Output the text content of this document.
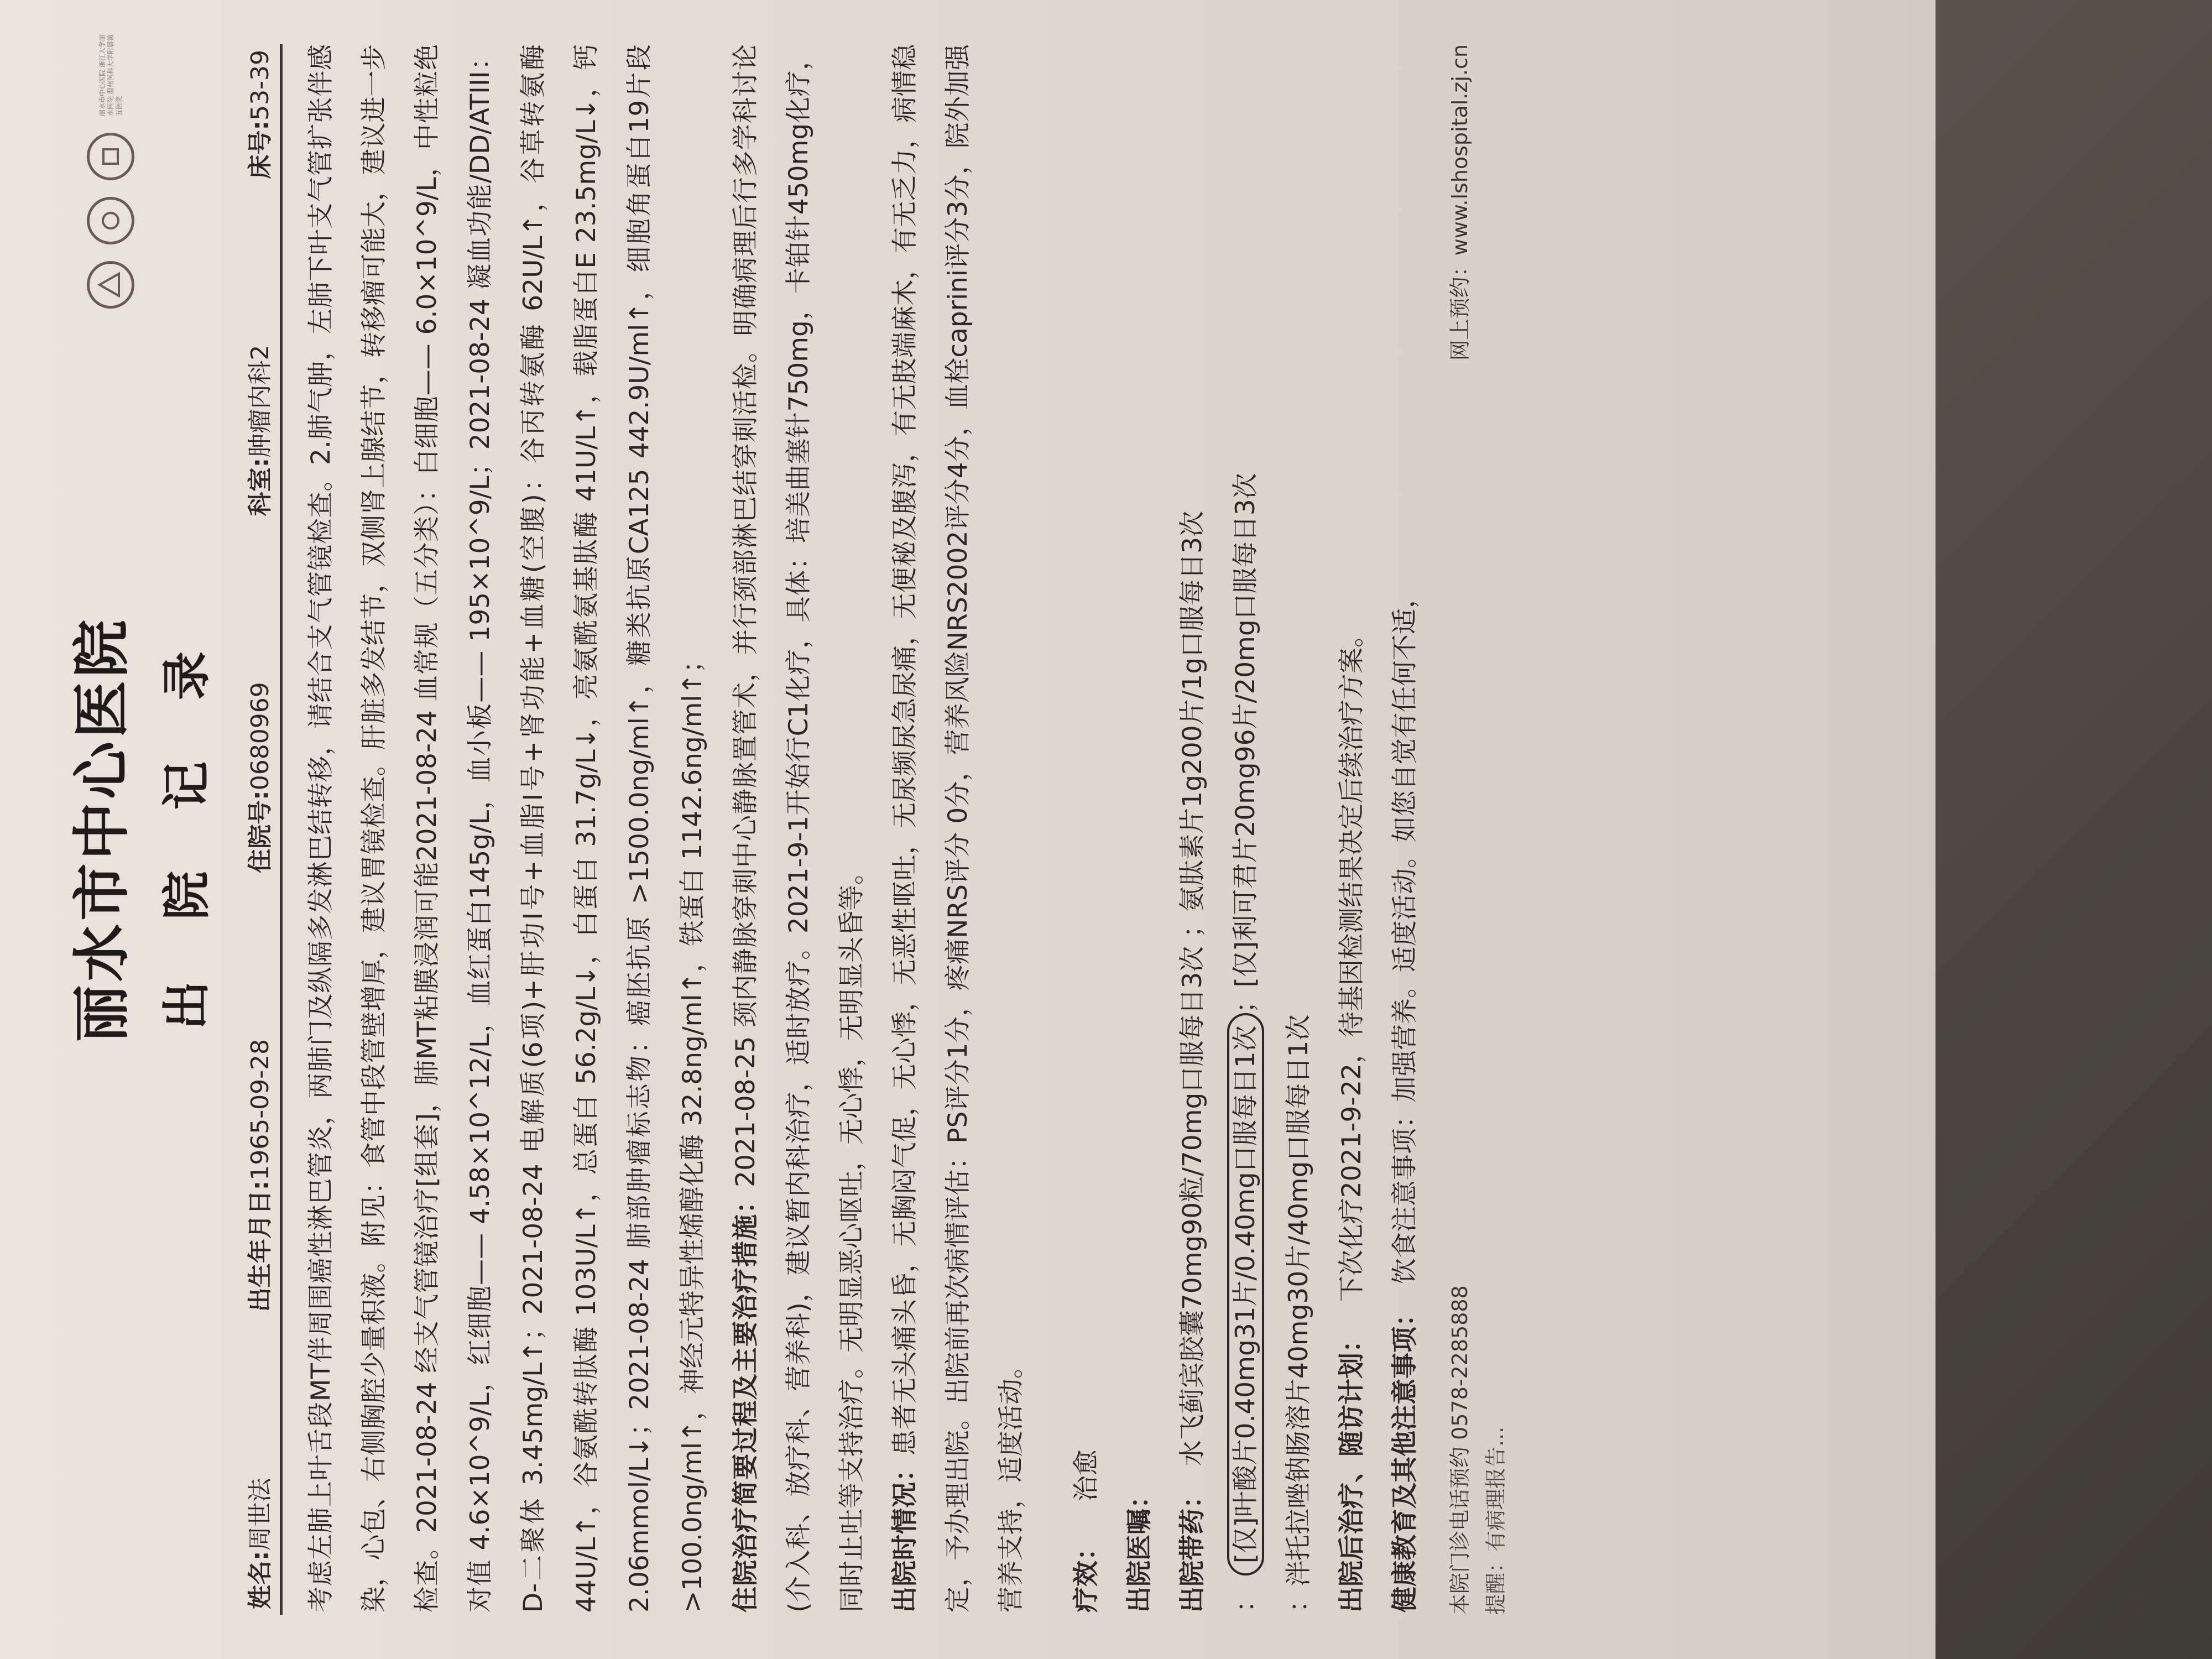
丽水市中心医院 浙江大学丽水医院 温州医科大学附属第五医院
丽水市中心医院 出 院 记 录
姓名:周世法
出生年月日:1965-09-28
住院号:0680969
科室:肿瘤内科2
床号:53-39	考虑左肺上叶舌段MT伴周围癌性淋巴管炎，两肺门及纵隔多发淋巴结转移，请结合支气管镜检查。2.肺气肿，左肺下叶支气管扩张伴感染，心包、右侧胸腔少量积液。附见：食管中段管壁增厚，建议胃镜检查。肝脏多发结节，双侧肾上腺结节，转移瘤可能大，建议进一步检查。2021-08-24 经支气管镜治疗[组套]，肺MT粘膜浸润可能2021-08-24 血常规（五分类）：白细胞—— 6.0×10^9/L，中性粒绝对值 4.6×10^9/L，红细胞—— 4.58×10^12/L，血红蛋白145g/L，血小板—— 195×10^9/L；2021-08-24 凝血功能/DD/ATIII：D-二聚体 3.45mg/L↑；2021-08-24 电解质(6项)+肝功Ⅰ号+血脂Ⅰ号+肾功能+血糖(空腹)：谷丙转氨酶 62U/L↑，谷草转氨酶 44U/L↑，谷氨酰转肽酶 103U/L↑，总蛋白 56.2g/L↓，白蛋白 31.7g/L↓，亮氨酰氨基肽酶 41U/L↑，载脂蛋白E 23.5mg/L↓，钙 2.06mmol/L↓；2021-08-24 肺部肿瘤标志物：癌胚抗原 >1500.0ng/ml↑，糖类抗原CA125 442.9U/ml↑，细胞角蛋白19片段 >100.0ng/ml↑，神经元特异性烯醇化酶 32.8ng/ml↑，铁蛋白 1142.6ng/ml↑； 住院治疗简要过程及主要治疗措施：2021-08-25 颈内静脉穿刺中心静脉置管术，并行颈部淋巴结穿刺活检。明确病理后行多学科讨论(介入科、放疗科、营养科)，建议暂内科治疗，适时放疗。2021-9-1开始行C1化疗，具体：培美曲塞针750mg，卡铂针450mg化疗，同时止吐等支持治疗。无明显恶心呕吐，无心悸，无明显头昏等。 出院时情况：患者无头痛头昏，无胸闷气促，无心悸，无恶性呕吐，无尿频尿急尿痛，无便秘及腹泻，有无肢端麻木，有无乏力，病情稳定，予办理出院。出院前再次病情评估：PS评分1分，疼痛NRS评分 0分，营养风险NRS2002评分4分，血栓caprini评分3分，院外加强营养支持，适度活动。	疗效：    治愈

出院医嘱： 出院带药：  水飞蓟宾胶囊70mg90粒/70mg口服每日3次 ；氨肽素片1g200片/1g口服每日3次

：  [仅]叶酸片0.40mg31片/0.40mg口服每日1次；[仅]利可君片20mg96片/20mg口服每日3次

：泮托拉唑钠肠溶片40mg30片/40mg口服每日1次 出院后治疗、随访计划：   下次化疗2021-9-22，待基因检测结果决定后续治疗方案。

健康教育及其他注意事项：  饮食注意事项：加强营养。适度活动。如您自觉有任何不适，

本院门诊电话预约 0578-2285888
网上预约：www.lshospital.zj.cn
提醒：有病理报告...
